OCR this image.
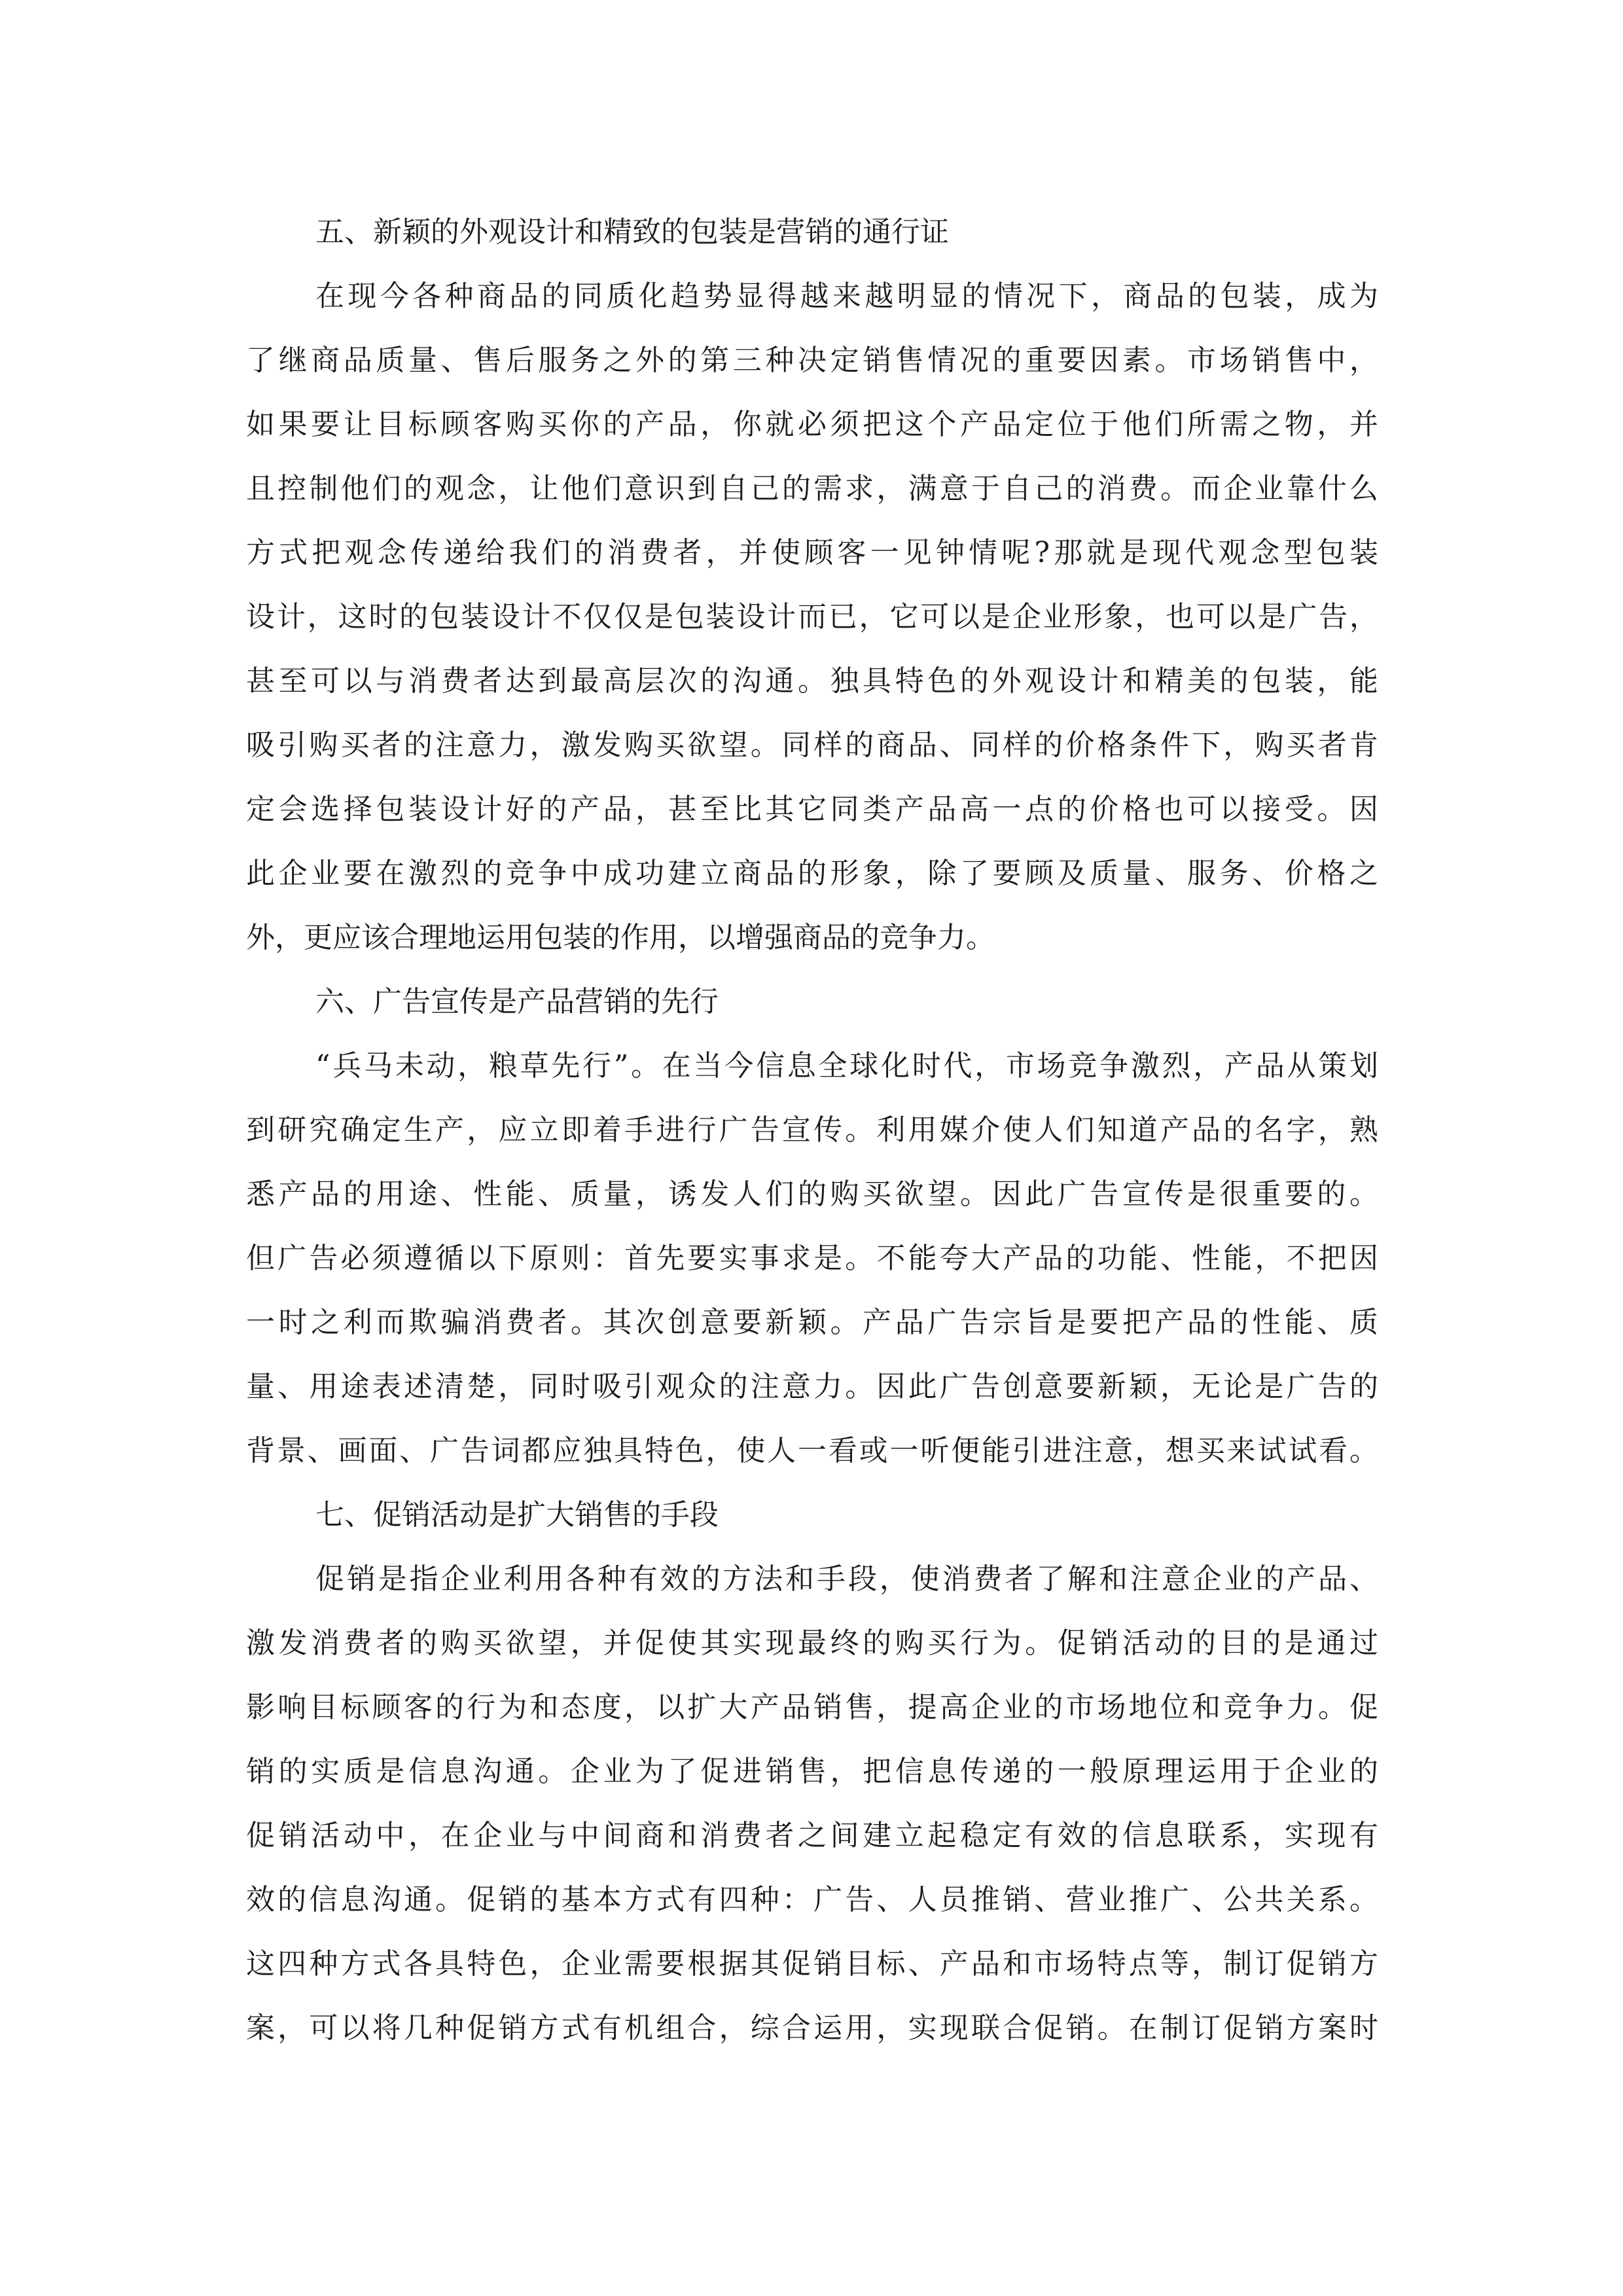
五、新颖的外观设计和精致的包装是营销的通行证
在现今各种商品的同质化趋势显得越来越明显的情况下，商品的包装，成为
了继商品质量、售后服务之外的第三种决定销售情况的重要因素。市场销售中，
如果要让目标顾客购买你的产品，你就必须把这个产品定位于他们所需之物，并
且控制他们的观念，让他们意识到自己的需求，满意于自己的消费。而企业靠什么
方式把观念传递给我们的消费者，并使顾客一见钟情呢?那就是现代观念型包装
设计，这时的包装设计不仅仅是包装设计而已，它可以是企业形象，也可以是广告，
甚至可以与消费者达到最高层次的沟通。独具特色的外观设计和精美的包装，能
吸引购买者的注意力，激发购买欲望。同样的商品、同样的价格条件下，购买者肯
定会选择包装设计好的产品，甚至比其它同类产品高一点的价格也可以接受。因
此企业要在激烈的竞争中成功建立商品的形象，除了要顾及质量、服务、价格之
外，更应该合理地运用包装的作用，以增强商品的竞争力。
六、广告宣传是产品营销的先行
“兵马未动，粮草先行”。在当今信息全球化时代，市场竞争激烈，产品从策划
到研究确定生产，应立即着手进行广告宣传。利用媒介使人们知道产品的名字，熟
悉产品的用途、性能、质量，诱发人们的购买欲望。因此广告宣传是很重要的。
但广告必须遵循以下原则：首先要实事求是。不能夸大产品的功能、性能，不把因
一时之利而欺骗消费者。其次创意要新颖。产品广告宗旨是要把产品的性能、质
量、用途表述清楚，同时吸引观众的注意力。因此广告创意要新颖，无论是广告的
背景、画面、广告词都应独具特色，使人一看或一听便能引进注意，想买来试试看。
七、促销活动是扩大销售的手段
促销是指企业利用各种有效的方法和手段，使消费者了解和注意企业的产品、
激发消费者的购买欲望，并促使其实现最终的购买行为。促销活动的目的是通过
影响目标顾客的行为和态度，以扩大产品销售，提高企业的市场地位和竞争力。促
销的实质是信息沟通。企业为了促进销售，把信息传递的一般原理运用于企业的
促销活动中，在企业与中间商和消费者之间建立起稳定有效的信息联系，实现有
效的信息沟通。促销的基本方式有四种：广告、人员推销、营业推广、公共关系。
这四种方式各具特色，企业需要根据其促销目标、产品和市场特点等，制订促销方
案，可以将几种促销方式有机组合，综合运用，实现联合促销。在制订促销方案时
